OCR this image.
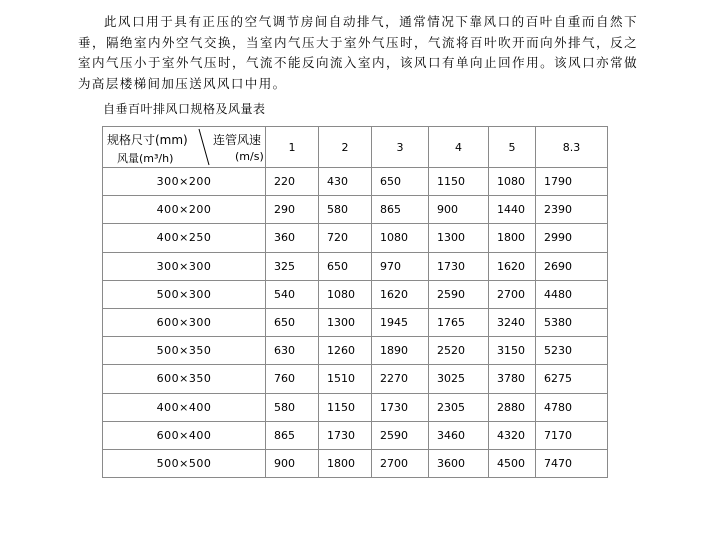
此风口用于具有正压的空气调节房间自动排气，通常情况下靠风口的百叶自重而自然下垂，隔绝室内外空气交换，当室内气压大于室外气压时，气流将百叶吹开而向外排气，反之室内气压小于室外气压时，气流不能反向流入室内，该风口有单向止回作用。该风口亦常做为高层楼梯间加压送风风口中用。

自垂百叶排风口规格及风量表

连管风速
(m/s)
规格尺寸(mm)
风量(m³/h)	1	2	3	4	5	8.3
300×200	220	430	650	1150	1080	1790
400×200	290	580	865	900	1440	2390
400×250	360	720	1080	1300	1800	2990
300×300	325	650	970	1730	1620	2690
500×300	540	1080	1620	2590	2700	4480
600×300	650	1300	1945	1765	3240	5380
500×350	630	1260	1890	2520	3150	5230
600×350	760	1510	2270	3025	3780	6275
400×400	580	1150	1730	2305	2880	4780
600×400	865	1730	2590	3460	4320	7170
500×500	900	1800	2700	3600	4500	7470
